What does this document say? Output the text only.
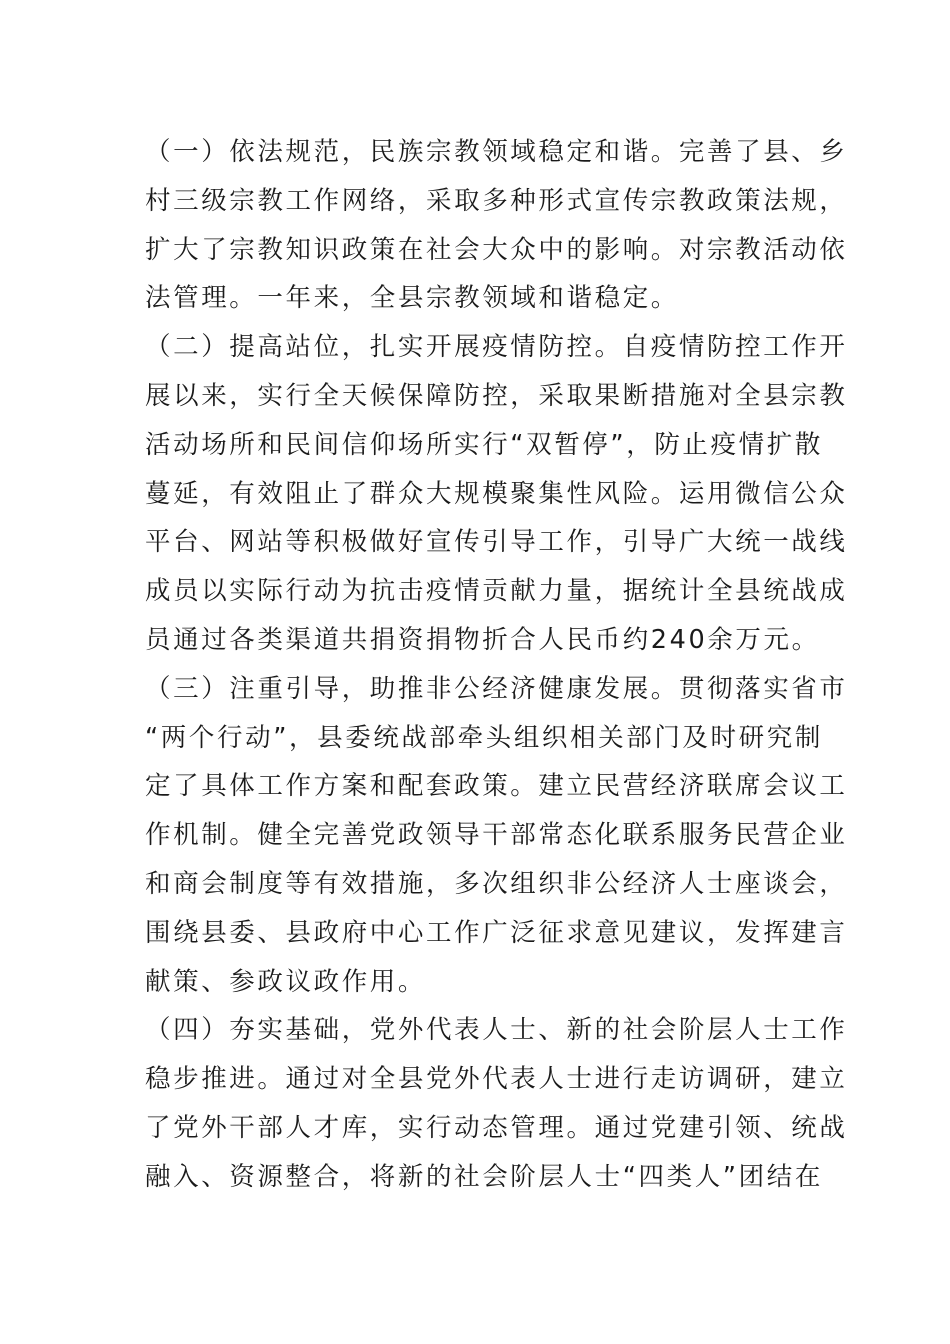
（一）依法规范，民族宗教领域稳定和谐。完善了县、乡
村三级宗教工作网络，采取多种形式宣传宗教政策法规，
扩大了宗教知识政策在社会大众中的影响。对宗教活动依
法管理。一年来，全县宗教领域和谐稳定。

（二）提高站位，扎实开展疫情防控。自疫情防控工作开
展以来，实行全天候保障防控，采取果断措施对全县宗教
活动场所和民间信仰场所实行“双暂停”，防止疫情扩散
蔓延，有效阻止了群众大规模聚集性风险。运用微信公众
平台、网站等积极做好宣传引导工作，引导广大统一战线
成员以实际行动为抗击疫情贡献力量，据统计全县统战成
员通过各类渠道共捐资捐物折合人民币约240余万元。

（三）注重引导，助推非公经济健康发展。贯彻落实省市
“两个行动”，县委统战部牵头组织相关部门及时研究制
定了具体工作方案和配套政策。建立民营经济联席会议工
作机制。健全完善党政领导干部常态化联系服务民营企业
和商会制度等有效措施，多次组织非公经济人士座谈会，
围绕县委、县政府中心工作广泛征求意见建议，发挥建言
献策、参政议政作用。

（四）夯实基础，党外代表人士、新的社会阶层人士工作
稳步推进。通过对全县党外代表人士进行走访调研，建立
了党外干部人才库，实行动态管理。通过党建引领、统战
融入、资源整合，将新的社会阶层人士“四类人”团结在
